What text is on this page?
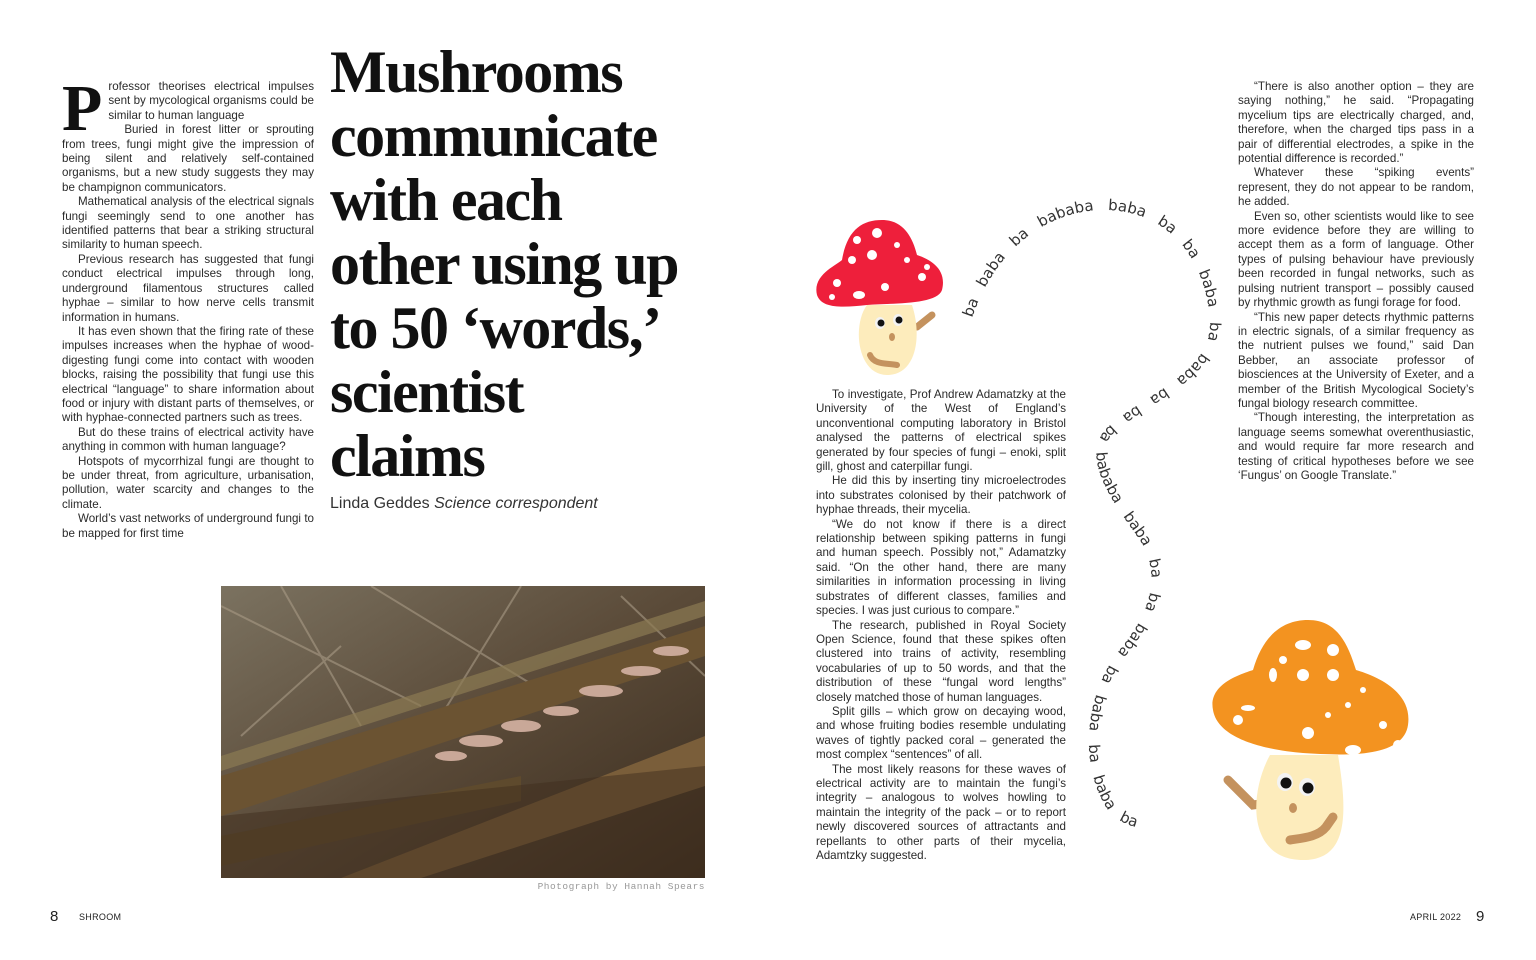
P rofessor theorises electrical impulses sent by mycological organisms could be similar to human language

Buried in forest litter or sprouting from trees, fungi might give the impression of being silent and relatively self-contained organisms, but a new study suggests they may be champignon communicators.

Mathematical analysis of the electrical signals fungi seemingly send to one another has identified patterns that bear a striking structural similarity to human speech.

Previous research has suggested that fungi conduct electrical impulses through long, underground filamentous structures called hyphae – similar to how nerve cells transmit information in humans.

It has even shown that the firing rate of these impulses increases when the hyphae of wood-digesting fungi come into contact with wooden blocks, raising the possibility that fungi use this electrical “language” to share information about food or injury with distant parts of themselves, or with hyphae-connected partners such as trees.

But do these trains of electrical activity have anything in common with human language?

Hotspots of mycorrhizal fungi are thought to be under threat, from agriculture, urbanisation, pollution, water scarcity and changes to the climate.

World’s vast networks of underground fungi to be mapped for first time

Mushrooms
communicate
with each
other using up
to 50 ‘words,’
scientist
claims
Linda Geddes Science correspondent
Photograph by Hannah Spears

To investigate, Prof Andrew Adamatzky at the University of the West of England’s unconventional computing laboratory in Bristol analysed the patterns of electrical spikes generated by four species of fungi – enoki, split gill, ghost and caterpillar fungi.

He did this by inserting tiny microelectrodes into substrates colonised by their patchwork of hyphae threads, their mycelia.

“We do not know if there is a direct relationship between spiking patterns in fungi and human speech. Possibly not,” Adamatzky said. “On the other hand, there are many similarities in information processing in living substrates of different classes, families and species. I was just curious to compare.”

The research, published in Royal Society Open Science, found that these spikes often clustered into trains of activity, resembling vocabularies of up to 50 words, and that the distribution of these “fungal word lengths” closely matched those of human languages.

Split gills – which grow on decaying wood, and whose fruiting bodies resemble undulating waves of tightly packed coral – generated the most complex “sentences” of all.

The most likely reasons for these waves of electrical activity are to maintain the fungi’s integrity – analogous to wolves howling to maintain the integrity of the pack – or to report newly discovered sources of attractants and repellants to other parts of their mycelia, Adamtzky suggested.

“There is also another option – they are saying nothing,” he said. “Propagating mycelium tips are electrically charged, and, therefore, when the charged tips pass in a pair of differential electrodes, a spike in the potential difference is recorded.”

Whatever these “spiking events” represent, they do not appear to be random, he added.

Even so, other scientists would like to see more evidence before they are willing to accept them as a form of language. Other types of pulsing behaviour have previously been recorded in fungal networks, such as pulsing nutrient transport – possibly caused by rhythmic growth as fungi forage for food.

“This new paper detects rhythmic patterns in electric signals, of a similar frequency as the nutrient pulses we found,” said Dan Bebber, an associate professor of biosciences at the University of Exeter, and a member of the British Mycological Society’s fungal biology research committee.

“Though interesting, the interpretation as language seems somewhat overenthusiastic, and would require far more research and testing of critical hypotheses before we see ‘Fungus’ on Google Translate.”

ba baba ba bababa baba ba ba baba ba baba ba ba ba bababa baba ba ba baba ba baba ba baba ba
8 SHROOM	APRIL 2022 9
